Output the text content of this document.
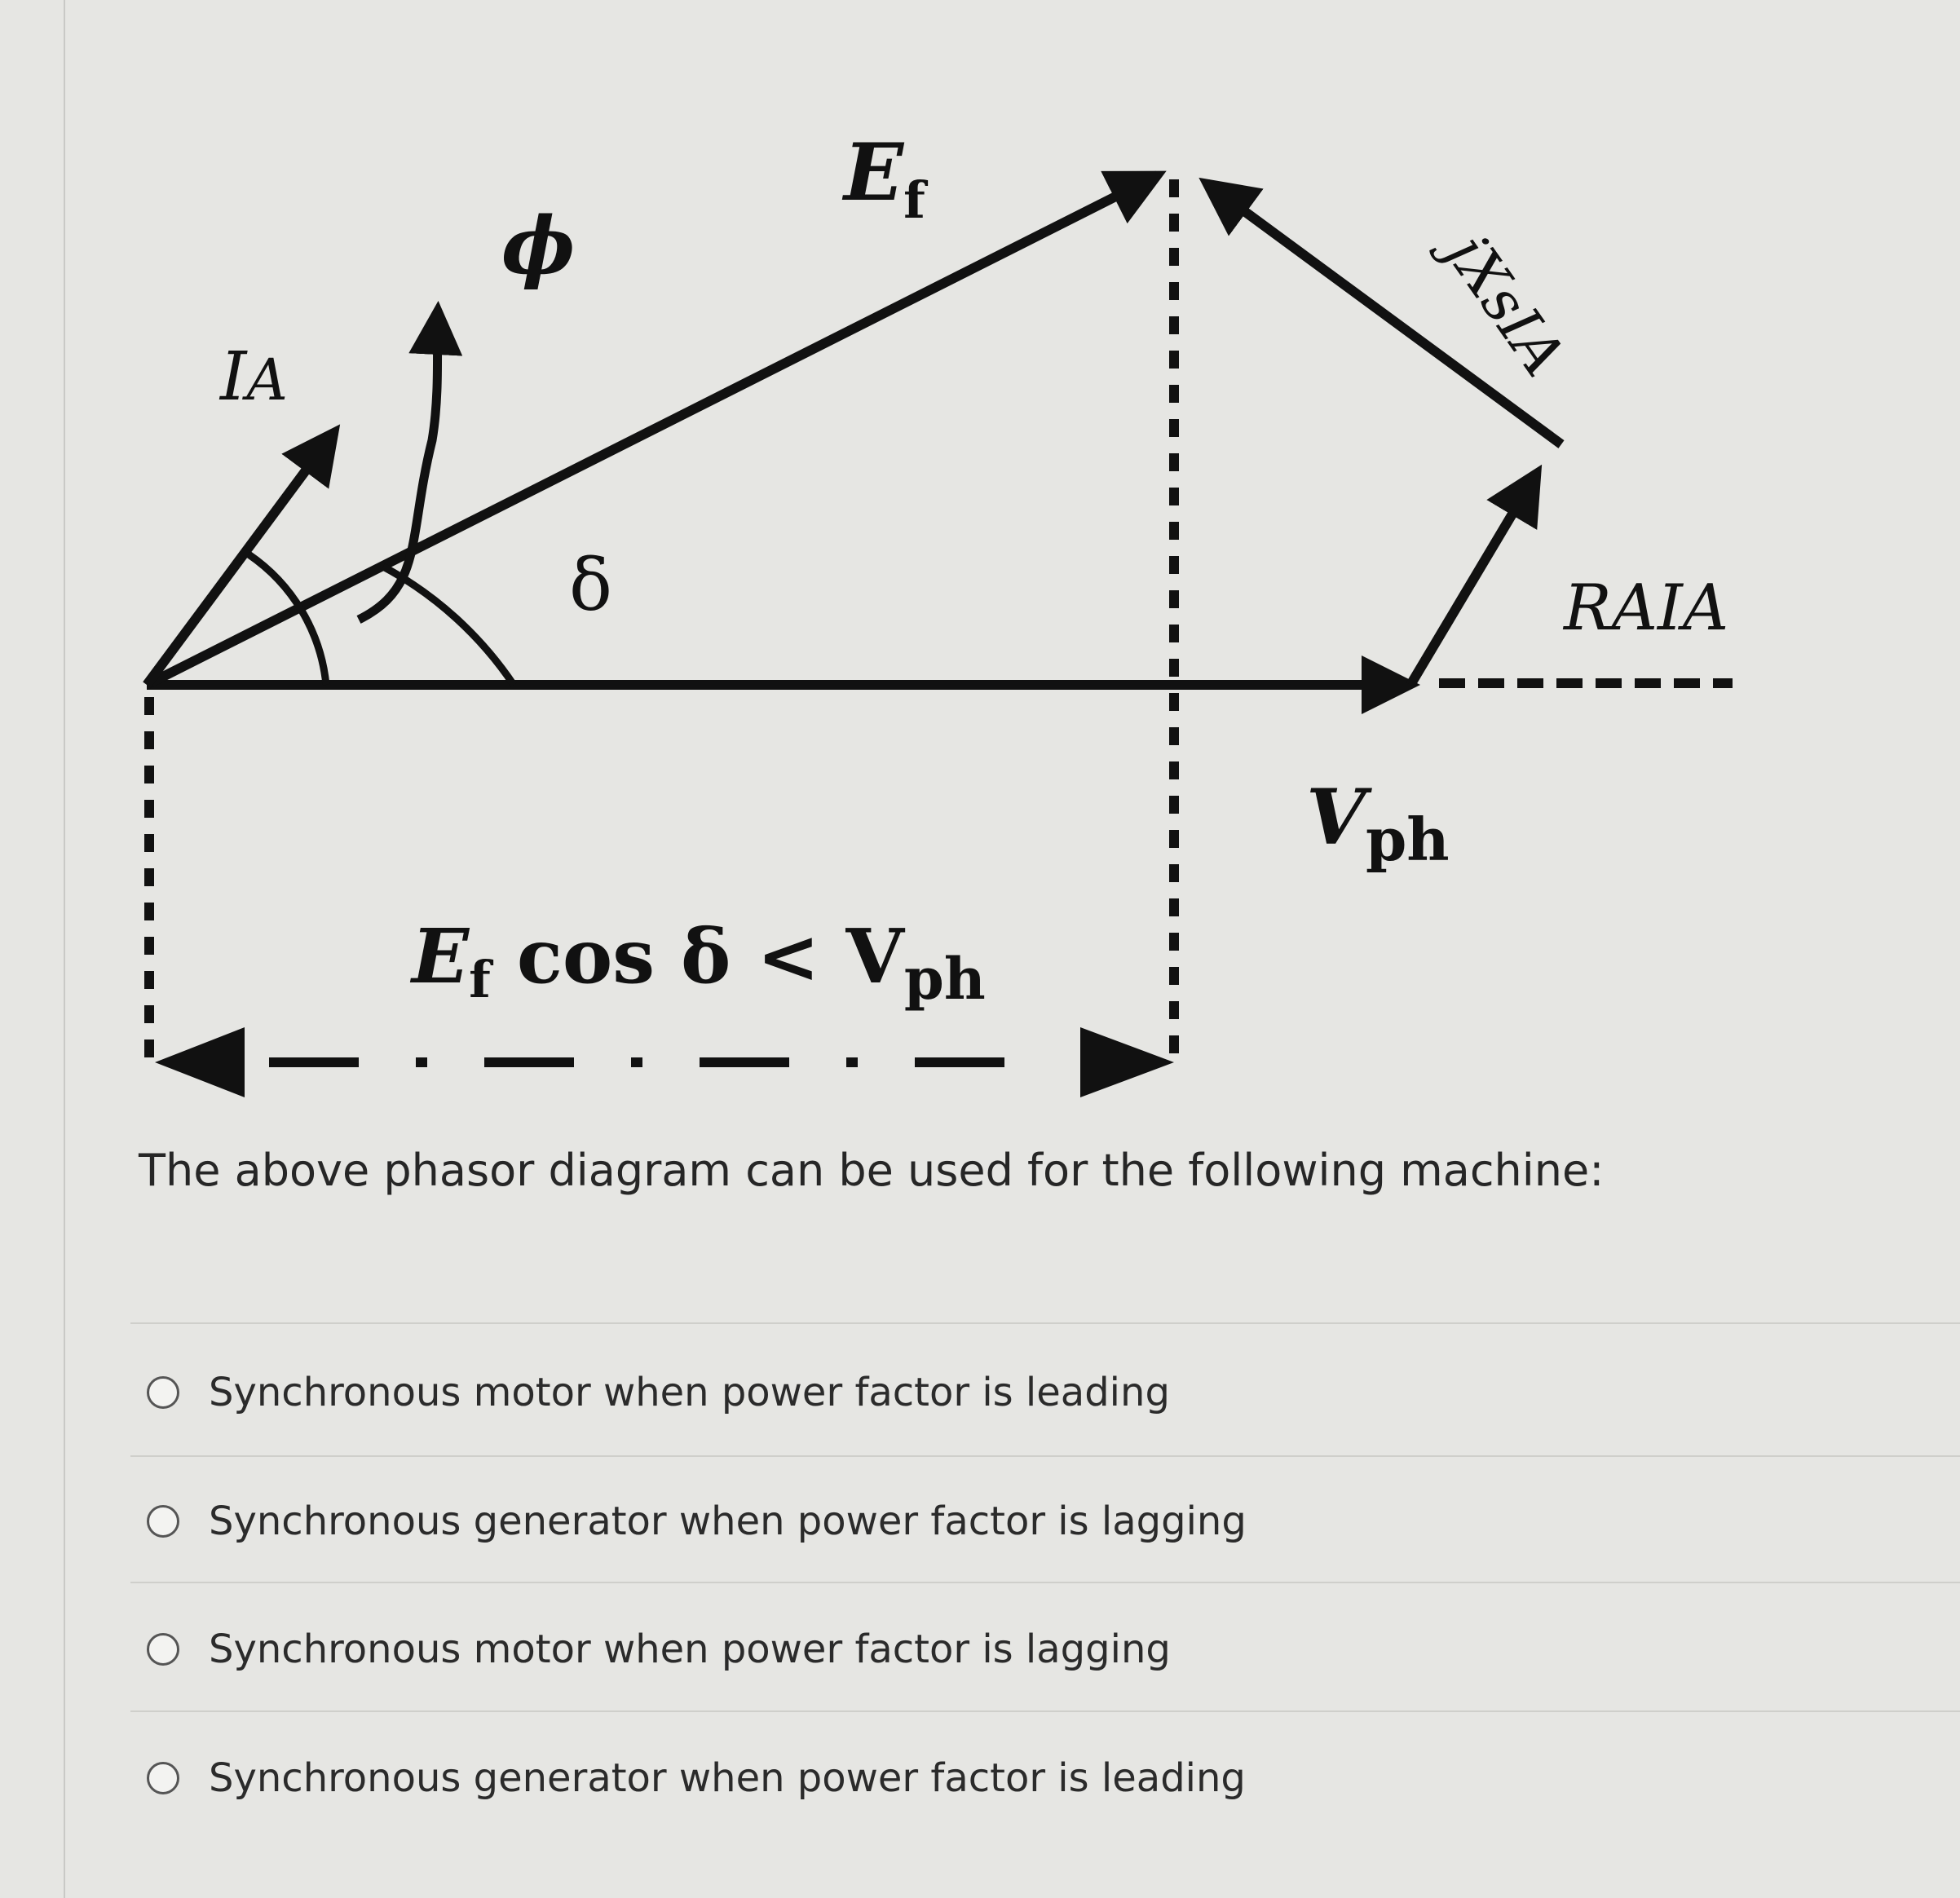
$E_f$
ϕ
IA
δ
jXsIA
RAIA
$V_{ph}$
Ef $\cos \delta < V_{ph}$
The above phasor diagram can be used for the following machine:
Synchronous motor when power factor is leading
Synchronous generator when power factor is lagging
Synchronous motor when power factor is lagging
Synchronous generator when power factor is leading
